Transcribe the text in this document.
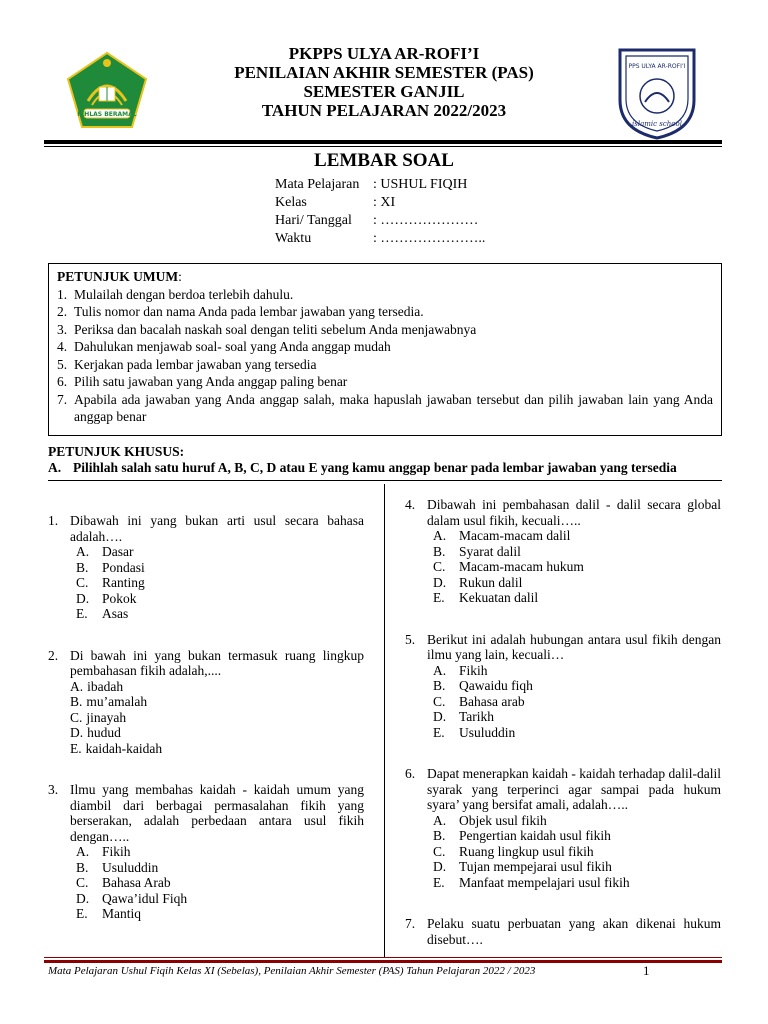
IKHLAS BERAMAL
PKPPS ULYA AR-ROFI’I
PENILAIAN AKHIR SEMESTER (PAS)
SEMESTER GANJIL
TAHUN PELAJARAN 2022/2023
PPS ULYA AR-ROFI’I
islamic school
LEMBAR SOAL
Mata Pelajaran : USHUL FIQIH
Kelas	: XI
Hari/ Tanggal	: …………………
Waktu	: …………………..
PETUNJUK UMUM:
1. Mulailah dengan berdoa terlebih dahulu.
2. Tulis nomor dan nama Anda pada lembar jawaban yang tersedia.
3. Periksa dan bacalah naskah soal dengan teliti sebelum Anda menjawabnya
4. Dahulukan menjawab soal- soal yang Anda anggap mudah
5. Kerjakan pada lembar jawaban yang tersedia
6. Pilih satu jawaban yang Anda anggap paling benar
7. Apabila ada jawaban yang Anda anggap salah, maka hapuslah jawaban tersebut dan pilih jawaban lain yang Anda anggap benar
PETUNJUK KHUSUS:
A. Pilihlah salah satu huruf A, B, C, D atau E yang kamu anggap benar pada lembar jawaban yang tersedia
1. Dibawah ini yang bukan arti usul secara bahasa adalah….
A. Dasar
B.	Pondasi
C.	Ranting
D. Pokok
E.	Asas
2. Di bawah ini yang bukan termasuk ruang lingkup pembahasan fikih adalah,....
A. ibadah
B. mu’amalah
C. jinayah
D. hudud
E. kaidah-kaidah
3. Ilmu yang membahas kaidah - kaidah umum yang diambil dari berbagai permasalahan fikih yang berserakan, adalah perbedaan antara usul fikih dengan…..
A. Fikih
B.	Usuluddin
C.	Bahasa Arab
D. Qawa’idul Fiqh
E.	Mantiq
4. Dibawah ini pembahasan dalil - dalil secara global dalam usul fikih, kecuali…..
A. Macam-macam dalil
B.	Syarat dalil
C.	Macam-macam hukum
D. Rukun dalil
E.	Kekuatan dalil
5. Berikut ini adalah hubungan antara usul fikih dengan ilmu yang lain, kecuali…
A. Fikih
B.	Qawaidu fiqh
C.	Bahasa arab
D. Tarikh
E.	Usuluddin
6. Dapat menerapkan kaidah - kaidah terhadap dalil-dalil syarak yang terperinci agar sampai pada hukum syara’ yang bersifat amali, adalah…..
A. Objek usul fikih
B.	Pengertian kaidah usul fikih
C.	Ruang lingkup usul fikih
D. Tujan mempejarai usul fikih
E.	Manfaat mempelajari usul fikih
7. Pelaku suatu perbuatan yang akan dikenai hukum disebut….
Mata Pelajaran Ushul Fiqih Kelas XI (Sebelas), Penilaian Akhir Semester (PAS) Tahun Pelajaran 2022 / 2023	1
